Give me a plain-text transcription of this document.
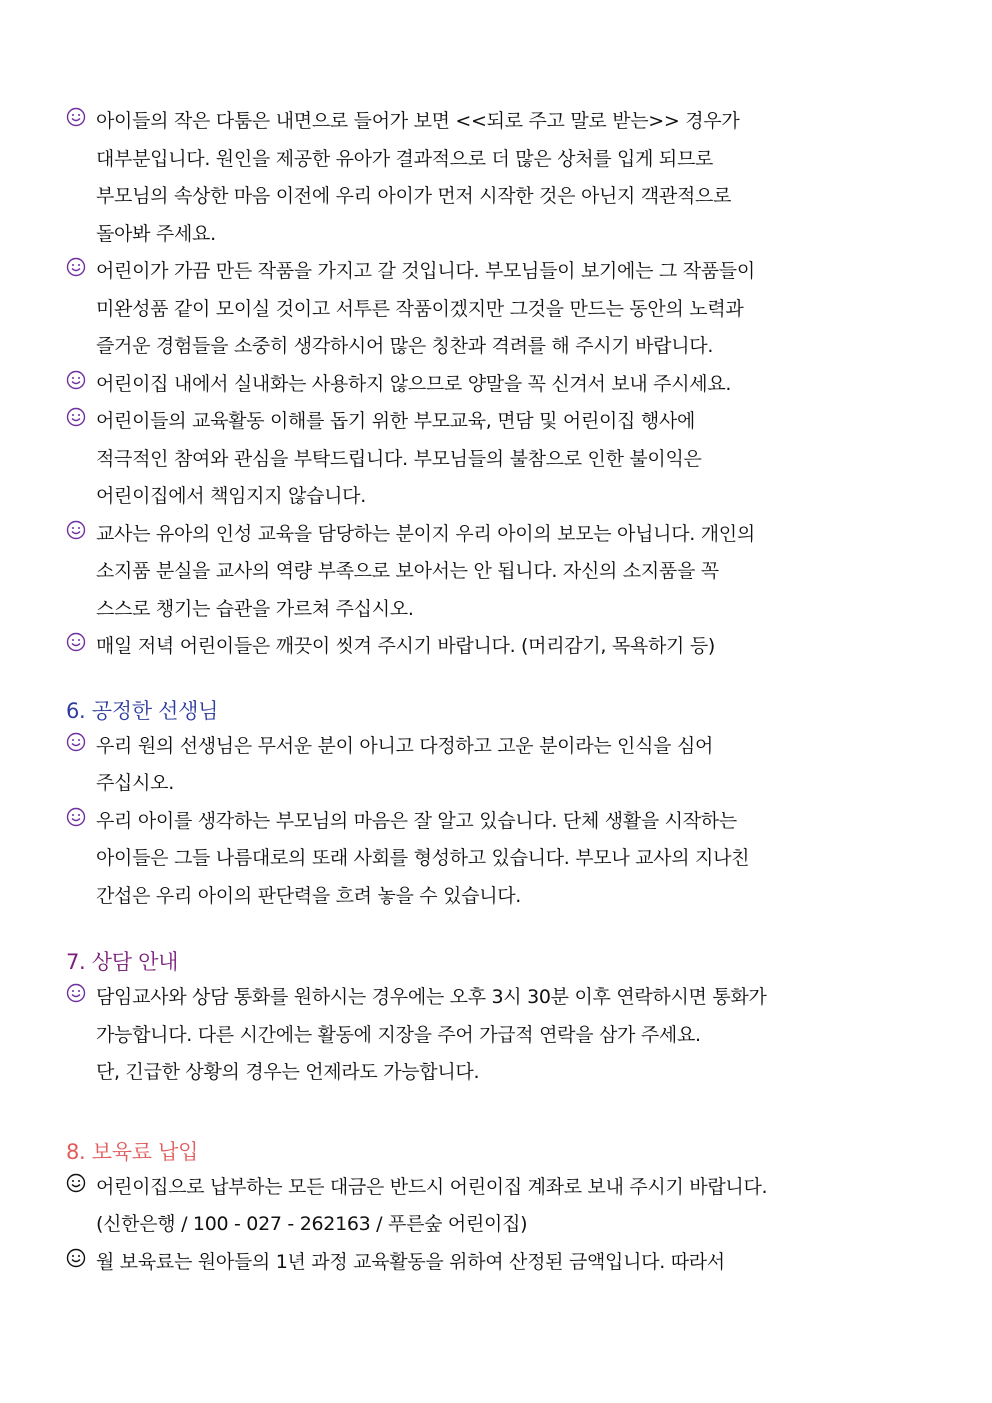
아이들의 작은 다툼은 내면으로 들어가 보면 <<되로 주고 말로 받는>> 경우가
대부분입니다. 원인을 제공한 유아가 결과적으로 더 많은 상처를 입게 되므로
부모님의 속상한 마음 이전에 우리 아이가 먼저 시작한 것은 아닌지 객관적으로
돌아봐 주세요.
어린이가 가끔 만든 작품을 가지고 갈 것입니다. 부모님들이 보기에는 그 작품들이
미완성품 같이 모이실 것이고 서투른 작품이겠지만 그것을 만드는 동안의 노력과
즐거운 경험들을 소중히 생각하시어 많은 칭찬과 격려를 해 주시기 바랍니다.
어린이집 내에서 실내화는 사용하지 않으므로 양말을 꼭 신겨서 보내 주시세요.
어린이들의 교육활동 이해를 돕기 위한 부모교육, 면담 및 어린이집 행사에
적극적인 참여와 관심을 부탁드립니다. 부모님들의 불참으로 인한 불이익은
어린이집에서 책임지지 않습니다.
교사는 유아의 인성 교육을 담당하는 분이지 우리 아이의 보모는 아닙니다. 개인의
소지품 분실을 교사의 역량 부족으로 보아서는 안 됩니다. 자신의 소지품을 꼭
스스로 챙기는 습관을 가르쳐 주십시오.
매일 저녁 어린이들은 깨끗이 씻겨 주시기 바랍니다. (머리감기, 목욕하기 등)
6. 공정한 선생님
우리 원의 선생님은 무서운 분이 아니고 다정하고 고운 분이라는 인식을 심어
주십시오.
우리 아이를 생각하는 부모님의 마음은 잘 알고 있습니다. 단체 생활을 시작하는
아이들은 그들 나름대로의 또래 사회를 형성하고 있습니다. 부모나 교사의 지나친
간섭은 우리 아이의 판단력을 흐려 놓을 수 있습니다.
7. 상담 안내
담임교사와 상담 통화를 원하시는 경우에는 오후 3시 30분 이후 연락하시면 통화가
가능합니다. 다른 시간에는 활동에 지장을 주어 가급적 연락을 삼가 주세요.
단, 긴급한 상황의 경우는 언제라도 가능합니다.
8. 보육료 납입
어린이집으로 납부하는 모든 대금은 반드시 어린이집 계좌로 보내 주시기 바랍니다.
(신한은행 / 100 - 027 - 262163 / 푸른숲 어린이집)
월 보육료는 원아들의 1년 과정 교육활동을 위하여 산정된 금액입니다. 따라서
